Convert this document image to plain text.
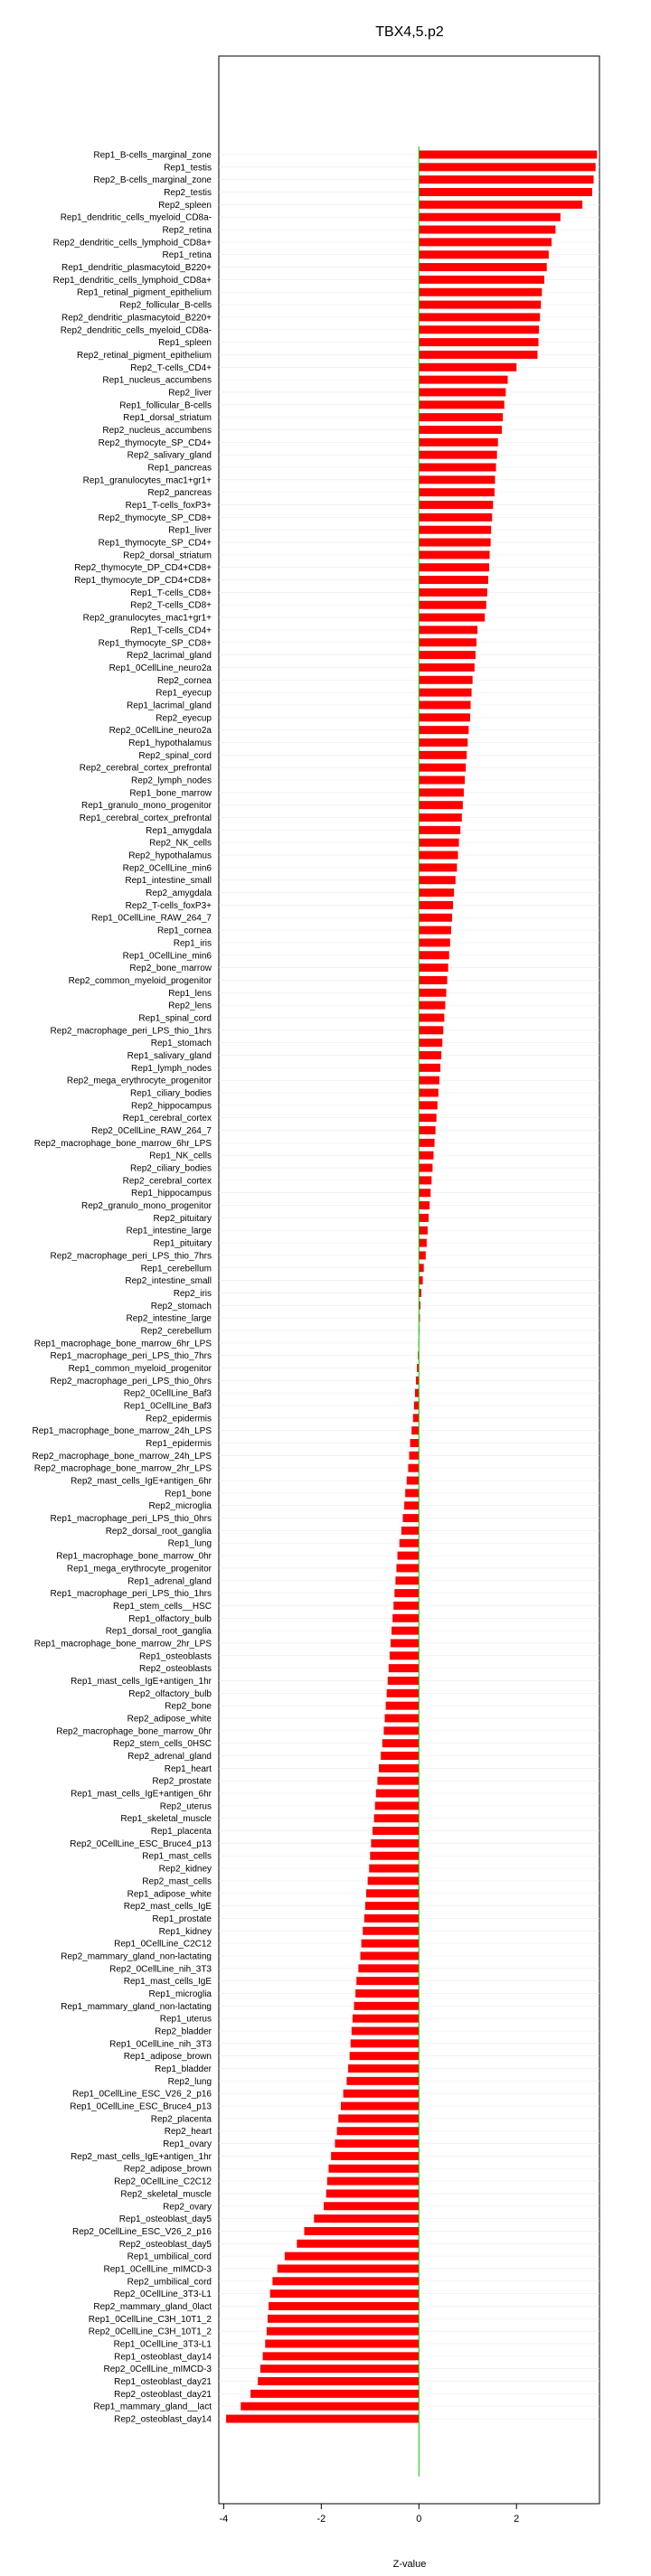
TBX4,5.p2
Rep1_B-cells_marginal_zone
Rep1_testis
Rep2_B-cells_marginal_zone
Rep2_testis
Rep2_spleen
Rep1_dendritic_cells_myeloid_CD8a-
Rep2_retina
Rep2_dendritic_cells_lymphoid_CD8a+
Rep1_retina
Rep1_dendritic_plasmacytoid_B220+
Rep1_dendritic_cells_lymphoid_CD8a+
Rep1_retinal_pigment_epithelium
Rep2_follicular_B-cells
Rep2_dendritic_plasmacytoid_B220+
Rep2_dendritic_cells_myeloid_CD8a-
Rep1_spleen
Rep2_retinal_pigment_epithelium
Rep2_T-cells_CD4+
Rep1_nucleus_accumbens
Rep2_liver
Rep1_follicular_B-cells
Rep1_dorsal_striatum
Rep2_nucleus_accumbens
Rep2_thymocyte_SP_CD4+
Rep2_salivary_gland
Rep1_pancreas
Rep1_granulocytes_mac1+gr1+
Rep2_pancreas
Rep1_T-cells_foxP3+
Rep2_thymocyte_SP_CD8+
Rep1_liver
Rep1_thymocyte_SP_CD4+
Rep2_dorsal_striatum
Rep2_thymocyte_DP_CD4+CD8+
Rep1_thymocyte_DP_CD4+CD8+
Rep1_T-cells_CD8+
Rep2_T-cells_CD8+
Rep2_granulocytes_mac1+gr1+
Rep1_T-cells_CD4+
Rep1_thymocyte_SP_CD8+
Rep2_lacrimal_gland
Rep1_0CellLine_neuro2a
Rep2_cornea
Rep1_eyecup
Rep1_lacrimal_gland
Rep2_eyecup
Rep2_0CellLine_neuro2a
Rep1_hypothalamus
Rep2_spinal_cord
Rep2_cerebral_cortex_prefrontal
Rep2_lymph_nodes
Rep1_bone_marrow
Rep1_granulo_mono_progenitor
Rep1_cerebral_cortex_prefrontal
Rep1_amygdala
Rep2_NK_cells
Rep2_hypothalamus
Rep2_0CellLine_min6
Rep1_intestine_small
Rep2_amygdala
Rep2_T-cells_foxP3+
Rep1_0CellLine_RAW_264_7
Rep1_cornea
Rep1_iris
Rep1_0CellLine_min6
Rep2_bone_marrow
Rep2_common_myeloid_progenitor
Rep1_lens
Rep2_lens
Rep1_spinal_cord
Rep2_macrophage_peri_LPS_thio_1hrs
Rep1_stomach
Rep1_salivary_gland
Rep1_lymph_nodes
Rep2_mega_erythrocyte_progenitor
Rep1_ciliary_bodies
Rep2_hippocampus
Rep1_cerebral_cortex
Rep2_0CellLine_RAW_264_7
Rep2_macrophage_bone_marrow_6hr_LPS
Rep1_NK_cells
Rep2_ciliary_bodies
Rep2_cerebral_cortex
Rep1_hippocampus
Rep2_granulo_mono_progenitor
Rep2_pituitary
Rep1_intestine_large
Rep1_pituitary
Rep2_macrophage_peri_LPS_thio_7hrs
Rep1_cerebellum
Rep2_intestine_small
Rep2_iris
Rep2_stomach
Rep2_intestine_large
Rep2_cerebellum
Rep1_macrophage_bone_marrow_6hr_LPS
Rep1_macrophage_peri_LPS_thio_7hrs
Rep1_common_myeloid_progenitor
Rep2_macrophage_peri_LPS_thio_0hrs
Rep2_0CellLine_Baf3
Rep1_0CellLine_Baf3
Rep2_epidermis
Rep1_macrophage_bone_marrow_24h_LPS
Rep1_epidermis
Rep2_macrophage_bone_marrow_24h_LPS
Rep2_macrophage_bone_marrow_2hr_LPS
Rep2_mast_cells_IgE+antigen_6hr
Rep1_bone
Rep2_microglia
Rep1_macrophage_peri_LPS_thio_0hrs
Rep2_dorsal_root_ganglia
Rep1_lung
Rep1_macrophage_bone_marrow_0hr
Rep1_mega_erythrocyte_progenitor
Rep1_adrenal_gland
Rep1_macrophage_peri_LPS_thio_1hrs
Rep1_stem_cells__HSC
Rep1_olfactory_bulb
Rep1_dorsal_root_ganglia
Rep1_macrophage_bone_marrow_2hr_LPS
Rep1_osteoblasts
Rep2_osteoblasts
Rep1_mast_cells_IgE+antigen_1hr
Rep2_olfactory_bulb
Rep2_bone
Rep2_adipose_white
Rep2_macrophage_bone_marrow_0hr
Rep2_stem_cells_0HSC
Rep2_adrenal_gland
Rep1_heart
Rep2_prostate
Rep1_mast_cells_IgE+antigen_6hr
Rep2_uterus
Rep1_skeletal_muscle
Rep1_placenta
Rep2_0CellLine_ESC_Bruce4_p13
Rep1_mast_cells
Rep2_kidney
Rep2_mast_cells
Rep1_adipose_white
Rep2_mast_cells_IgE
Rep1_prostate
Rep1_kidney
Rep1_0CellLine_C2C12
Rep2_mammary_gland_non-lactating
Rep2_0CellLine_nih_3T3
Rep1_mast_cells_IgE
Rep1_microglia
Rep1_mammary_gland_non-lactating
Rep1_uterus
Rep2_bladder
Rep1_0CellLine_nih_3T3
Rep1_adipose_brown
Rep1_bladder
Rep2_lung
Rep1_0CellLine_ESC_V26_2_p16
Rep1_0CellLine_ESC_Bruce4_p13
Rep2_placenta
Rep2_heart
Rep1_ovary
Rep2_mast_cells_IgE+antigen_1hr
Rep2_adipose_brown
Rep2_0CellLine_C2C12
Rep2_skeletal_muscle
Rep2_ovary
Rep1_osteoblast_day5
Rep2_0CellLine_ESC_V26_2_p16
Rep2_osteoblast_day5
Rep1_umbilical_cord
Rep1_0CellLine_mIMCD-3
Rep2_umbilical_cord
Rep2_0CellLine_3T3-L1
Rep2_mammary_gland_0lact
Rep1_0CellLine_C3H_10T1_2
Rep2_0CellLine_C3H_10T1_2
Rep1_0CellLine_3T3-L1
Rep1_osteoblast_day14
Rep2_0CellLine_mIMCD-3
Rep1_osteoblast_day21
Rep2_osteoblast_day21
Rep1_mammary_gland__lact
Rep2_osteoblast_day14
-4	-2	0	2
Z-value
